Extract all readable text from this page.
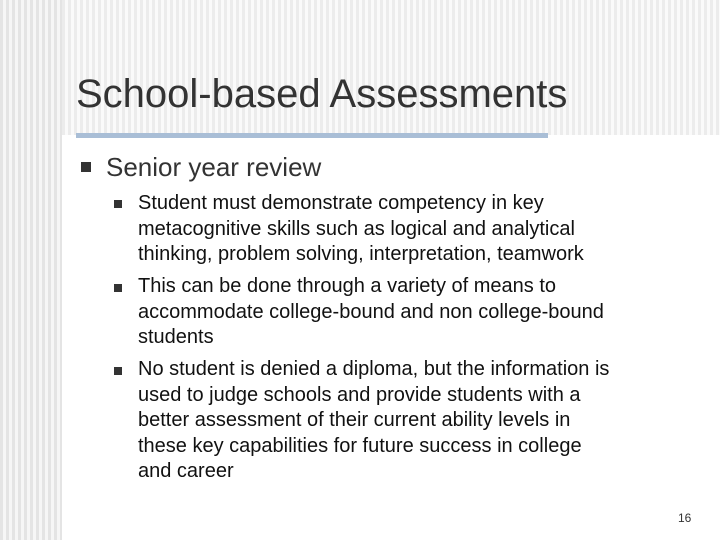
School-based Assessments
Senior year review
Student must demonstrate competency in key
metacognitive skills such as logical and analytical
thinking, problem solving, interpretation, teamwork
This can be done through a variety of means to
accommodate college-bound and non college-bound
students
No student is denied a diploma, but the information is
used to judge schools and provide students with a
better assessment of their current ability levels in
these key capabilities for future success in college
and career
16
